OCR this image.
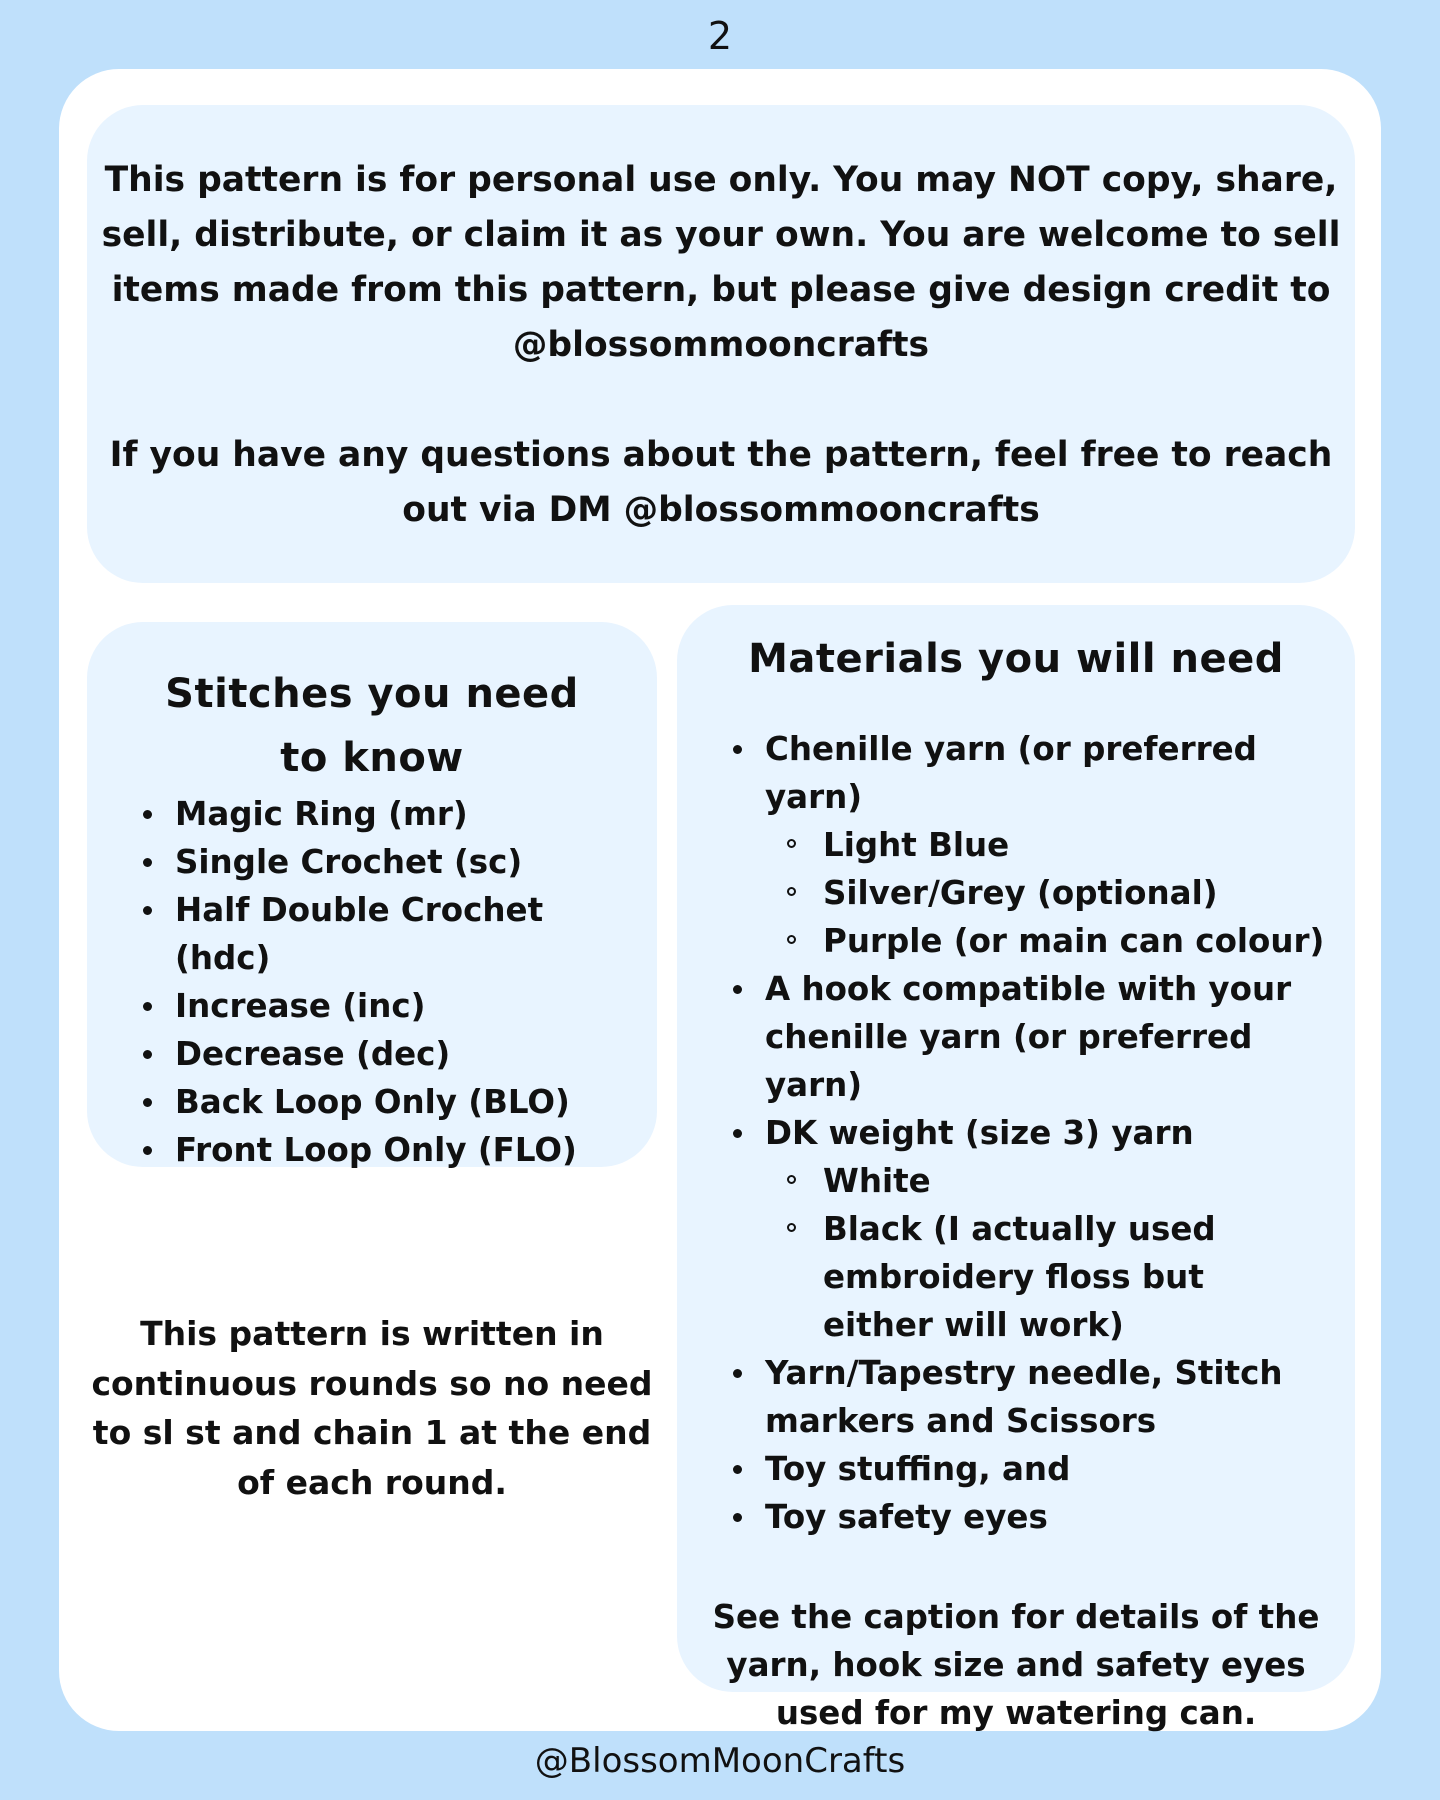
2

This pattern is for personal use only. You may NOT copy, share, sell, distribute, or claim it as your own. You are welcome to sell items made from this pattern, but please give design credit to @blossommooncrafts

If you have any questions about the pattern, feel free to reach out via DM @blossommooncrafts

Stitches you need to know
Magic Ring (mr)
Single Crochet (sc)
Half Double Crochet (hdc)
Increase (inc)
Decrease (dec)
Back Loop Only (BLO)
Front Loop Only (FLO)

This pattern is written in continuous rounds so no need to sl st and chain 1 at the end of each round.

Materials you will need
Chenille yarn (or preferred yarn)
Light Blue
Silver/Grey (optional)
Purple (or main can colour)
A hook compatible with your chenille yarn (or preferred yarn)
DK weight (size 3) yarn
White
Black (I actually used embroidery floss but either will work)
Yarn/Tapestry needle, Stitch markers and Scissors
Toy stuffing, and
Toy safety eyes

See the caption for details of the yarn, hook size and safety eyes used for my watering can.

@BlossomMoonCrafts
